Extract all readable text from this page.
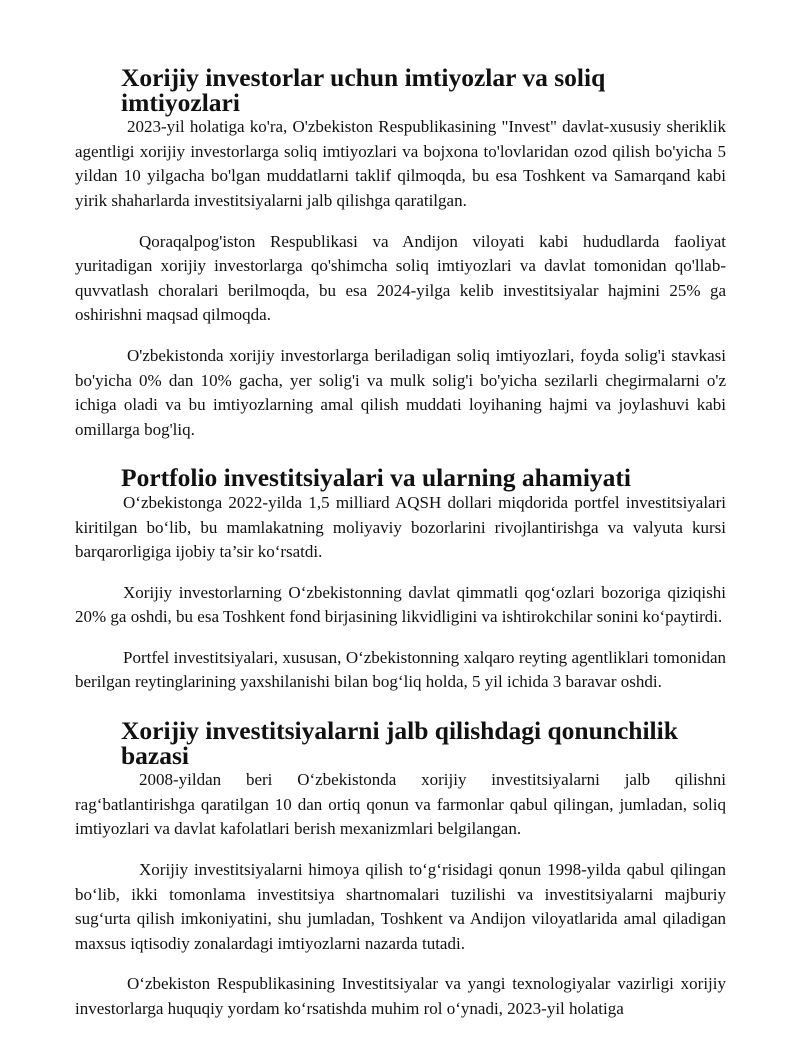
Xorijiy investorlar uchun imtiyozlar va soliq imtiyozlari

2023-yil holatiga ko'ra, O'zbekiston Respublikasining "Invest" davlat-xususiy sheriklik agentligi xorijiy investorlarga soliq imtiyozlari va bojxona to'lovlaridan ozod qilish bo'yicha 5 yildan 10 yilgacha bo'lgan muddatlarni taklif qilmoqda, bu esa Toshkent va Samarqand kabi yirik shaharlarda investitsiyalarni jalb qilishga qaratilgan.

Qoraqalpog'iston Respublikasi va Andijon viloyati kabi hududlarda faoliyat yuritadigan xorijiy investorlarga qo'shimcha soliq imtiyozlari va davlat tomonidan qo'llab-quvvatlash choralari berilmoqda, bu esa 2024-yilga kelib investitsiyalar hajmini 25% ga oshirishni maqsad qilmoqda.

O'zbekistonda xorijiy investorlarga beriladigan soliq imtiyozlari, foyda solig'i stavkasi bo'yicha 0% dan 10% gacha, yer solig'i va mulk solig'i bo'yicha sezilarli chegirmalarni o'z ichiga oladi va bu imtiyozlarning amal qilish muddati loyihaning hajmi va joylashuvi kabi omillarga bog'liq.

Portfolio investitsiyalari va ularning ahamiyati

O‘zbekistonga 2022-yilda 1,5 milliard AQSH dollari miqdorida portfel investitsiyalari kiritilgan bo‘lib, bu mamlakatning moliyaviy bozorlarini rivojlantirishga va valyuta kursi barqarorligiga ijobiy ta’sir ko‘rsatdi.

Xorijiy investorlarning O‘zbekistonning davlat qimmatli qog‘ozlari bozoriga qiziqishi 20% ga oshdi, bu esa Toshkent fond birjasining likvidligini va ishtirokchilar sonini ko‘paytirdi.

Portfel investitsiyalari, xususan, O‘zbekistonning xalqaro reyting agentliklari tomonidan berilgan reytinglarining yaxshilanishi bilan bog‘liq holda, 5 yil ichida 3 baravar oshdi.

Xorijiy investitsiyalarni jalb qilishdagi qonunchilik bazasi

2008-yildan beri O‘zbekistonda xorijiy investitsiyalarni jalb qilishni rag‘batlantirishga qaratilgan 10 dan ortiq qonun va farmonlar qabul qilingan, jumladan, soliq imtiyozlari va davlat kafolatlari berish mexanizmlari belgilangan.

Xorijiy investitsiyalarni himoya qilish to‘g‘risidagi qonun 1998-yilda qabul qilingan bo‘lib, ikki tomonlama investitsiya shartnomalari tuzilishi va investitsiyalarni majburiy sug‘urta qilish imkoniyatini, shu jumladan, Toshkent va Andijon viloyatlarida amal qiladigan maxsus iqtisodiy zonalardagi imtiyozlarni nazarda tutadi.

O‘zbekiston Respublikasining Investitsiyalar va yangi texnologiyalar vazirligi xorijiy investorlarga huquqiy yordam ko‘rsatishda muhim rol o‘ynadi, 2023-yil holatiga
